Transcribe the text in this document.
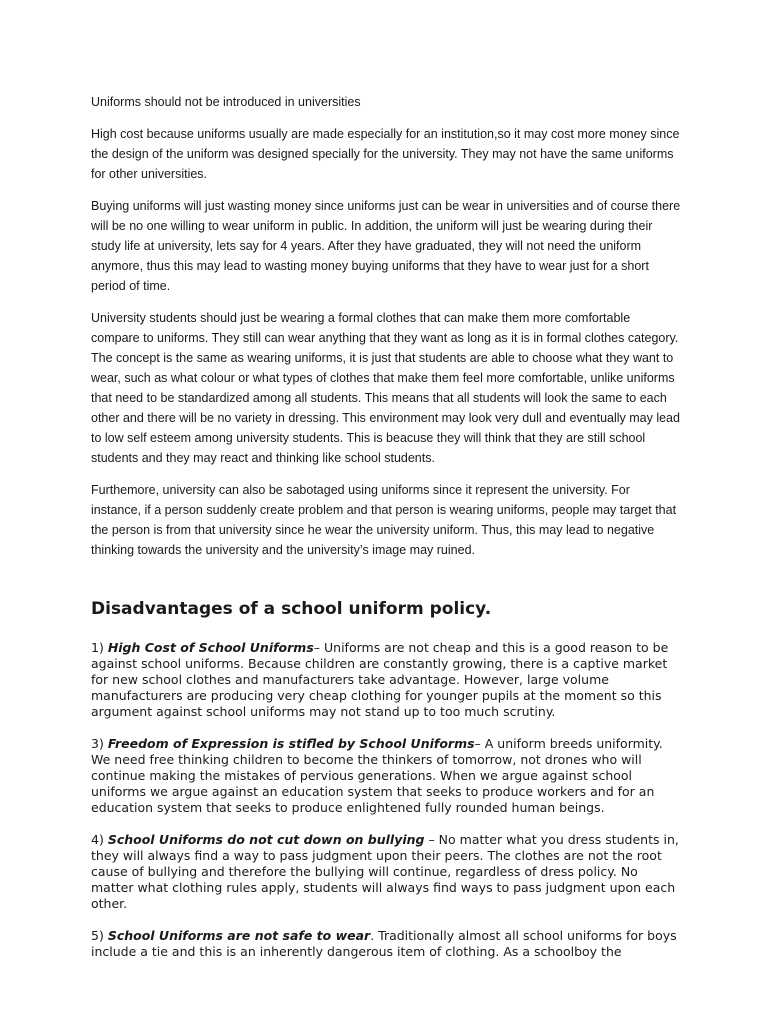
Uniforms should not be introduced in universities

High cost because uniforms usually are made especially for an institution,so it may cost more money since the design of the uniform was designed specially for the university. They may not have the same uniforms for other universities.

Buying uniforms will just wasting money since uniforms just can be wear in universities and of course there will be no one willing to wear uniform in public. In addition, the uniform will just be wearing during their study life at university, lets say for 4 years. After they have graduated, they will not need the uniform anymore, thus this may lead to wasting money buying uniforms that they have to wear just for a short period of time.

University students should just be wearing a formal clothes that can make them more comfortable compare to uniforms. They still can wear anything that they want as long as it is in formal clothes category. The concept is the same as wearing uniforms, it is just that students are able to choose what they want to wear, such as what colour or what types of clothes that make them feel more comfortable, unlike uniforms that need to be standardized among all students. This means that all students will look the same to each other and there will be no variety in dressing. This environment may look very dull and eventually may lead to low self esteem among university students. This is beacuse they will think that they are still school students and they may react and thinking like school students.

Furthemore, university can also be sabotaged using uniforms since it represent the university. For instance, if a person suddenly create problem and that person is wearing uniforms, people may target that the person is from that university since he wear the university uniform. Thus, this may lead to negative thinking towards the university and the university’s image may ruined.

Disadvantages of a school uniform policy.

1) High Cost of School Uniforms– Uniforms are not cheap and this is a good reason to be against school uniforms. Because children are constantly growing, there is a captive market for new school clothes and manufacturers take advantage. However, large volume manufacturers are producing very cheap clothing for younger pupils at the moment so this argument against school uniforms may not stand up to too much scrutiny.

3) Freedom of Expression is stifled by School Uniforms– A uniform breeds uniformity. We need free thinking children to become the thinkers of tomorrow, not drones who will continue making the mistakes of pervious generations. When we argue against school uniforms we argue against an education system that seeks to produce workers and for an education system that seeks to produce enlightened fully rounded human beings.

4) School Uniforms do not cut down on bullying – No matter what you dress students in, they will always find a way to pass judgment upon their peers. The clothes are not the root cause of bullying and therefore the bullying will continue, regardless of dress policy. No matter what clothing rules apply, students will always find ways to pass judgment upon each other.

5) School Uniforms are not safe to wear. Traditionally almost all school uniforms for boys include a tie and this is an inherently dangerous item of clothing. As a schoolboy the
